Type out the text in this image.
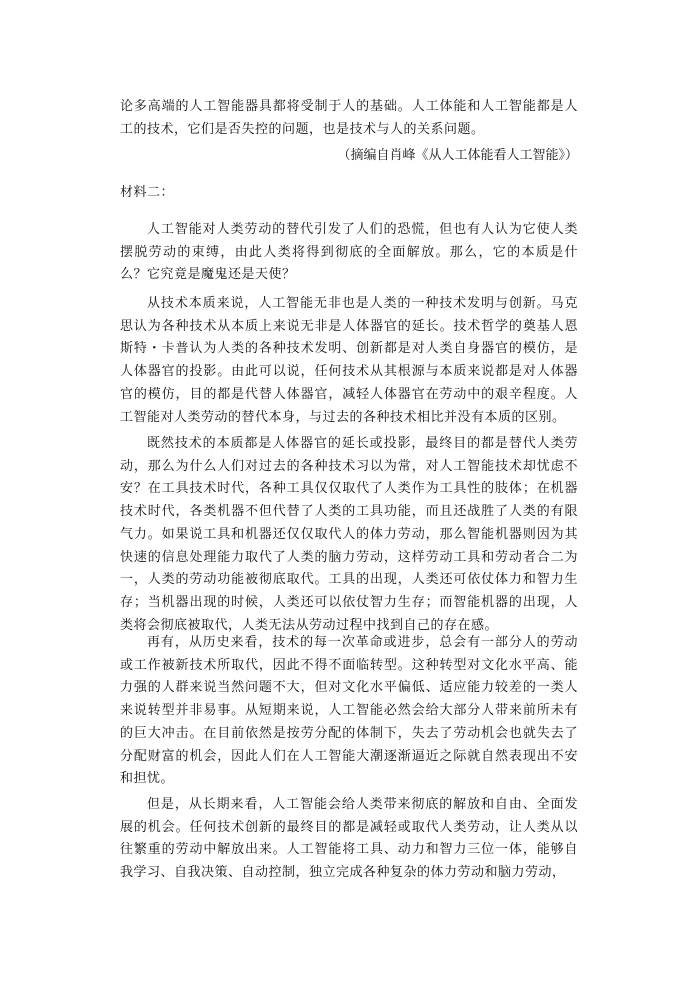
论多高端的人工智能器具都将受制于人的基础。人工体能和人工智能都是人工的技术，它们是否失控的问题，也是技术与人的关系问题。

（摘编自肖峰《从人工体能看人工智能》）

材料二：

人工智能对人类劳动的替代引发了人们的恐慌，但也有人认为它使人类摆脱劳动的束缚，由此人类将得到彻底的全面解放。那么，它的本质是什么？它究竟是魔鬼还是天使？

从技术本质来说，人工智能无非也是人类的一种技术发明与创新。马克思认为各种技术从本质上来说无非是人体器官的延长。技术哲学的奠基人恩斯特・卡普认为人类的各种技术发明、创新都是对人类自身器官的模仿，是人体器官的投影。由此可以说，任何技术从其根源与本质来说都是对人体器官的模仿，目的都是代替人体器官，减轻人体器官在劳动中的艰辛程度。人工智能对人类劳动的替代本身，与过去的各种技术相比并没有本质的区别。

既然技术的本质都是人体器官的延长或投影，最终目的都是替代人类劳动，那么为什么人们对过去的各种技术习以为常，对人工智能技术却忧虑不安？在工具技术时代，各种工具仅仅取代了人类作为工具性的肢体；在机器技术时代，各类机器不但代替了人类的工具功能，而且还战胜了人类的有限气力。如果说工具和机器还仅仅取代人的体力劳动，那么智能机器则因为其快速的信息处理能力取代了人类的脑力劳动，这样劳动工具和劳动者合二为一，人类的劳动功能被彻底取代。工具的出现，人类还可依仗体力和智力生存；当机器出现的时候，人类还可以依仗智力生存；而智能机器的出现，人类将会彻底被取代，人类无法从劳动过程中找到自己的存在感。

再有，从历史来看，技术的每一次革命或进步，总会有一部分人的劳动或工作被新技术所取代，因此不得不面临转型。这种转型对文化水平高、能力强的人群来说当然问题不大，但对文化水平偏低、适应能力较差的一类人来说转型并非易事。从短期来说，人工智能必然会给大部分人带来前所未有的巨大冲击。在目前依然是按劳分配的体制下，失去了劳动机会也就失去了分配财富的机会，因此人们在人工智能大潮逐渐逼近之际就自然表现出不安和担忧。

但是，从长期来看，人工智能会给人类带来彻底的解放和自由、全面发展的机会。任何技术创新的最终目的都是减轻或取代人类劳动，让人类从以往繁重的劳动中解放出来。人工智能将工具、动力和智力三位一体，能够自我学习、自我决策、自动控制，独立完成各种复杂的体力劳动和脑力劳动，
